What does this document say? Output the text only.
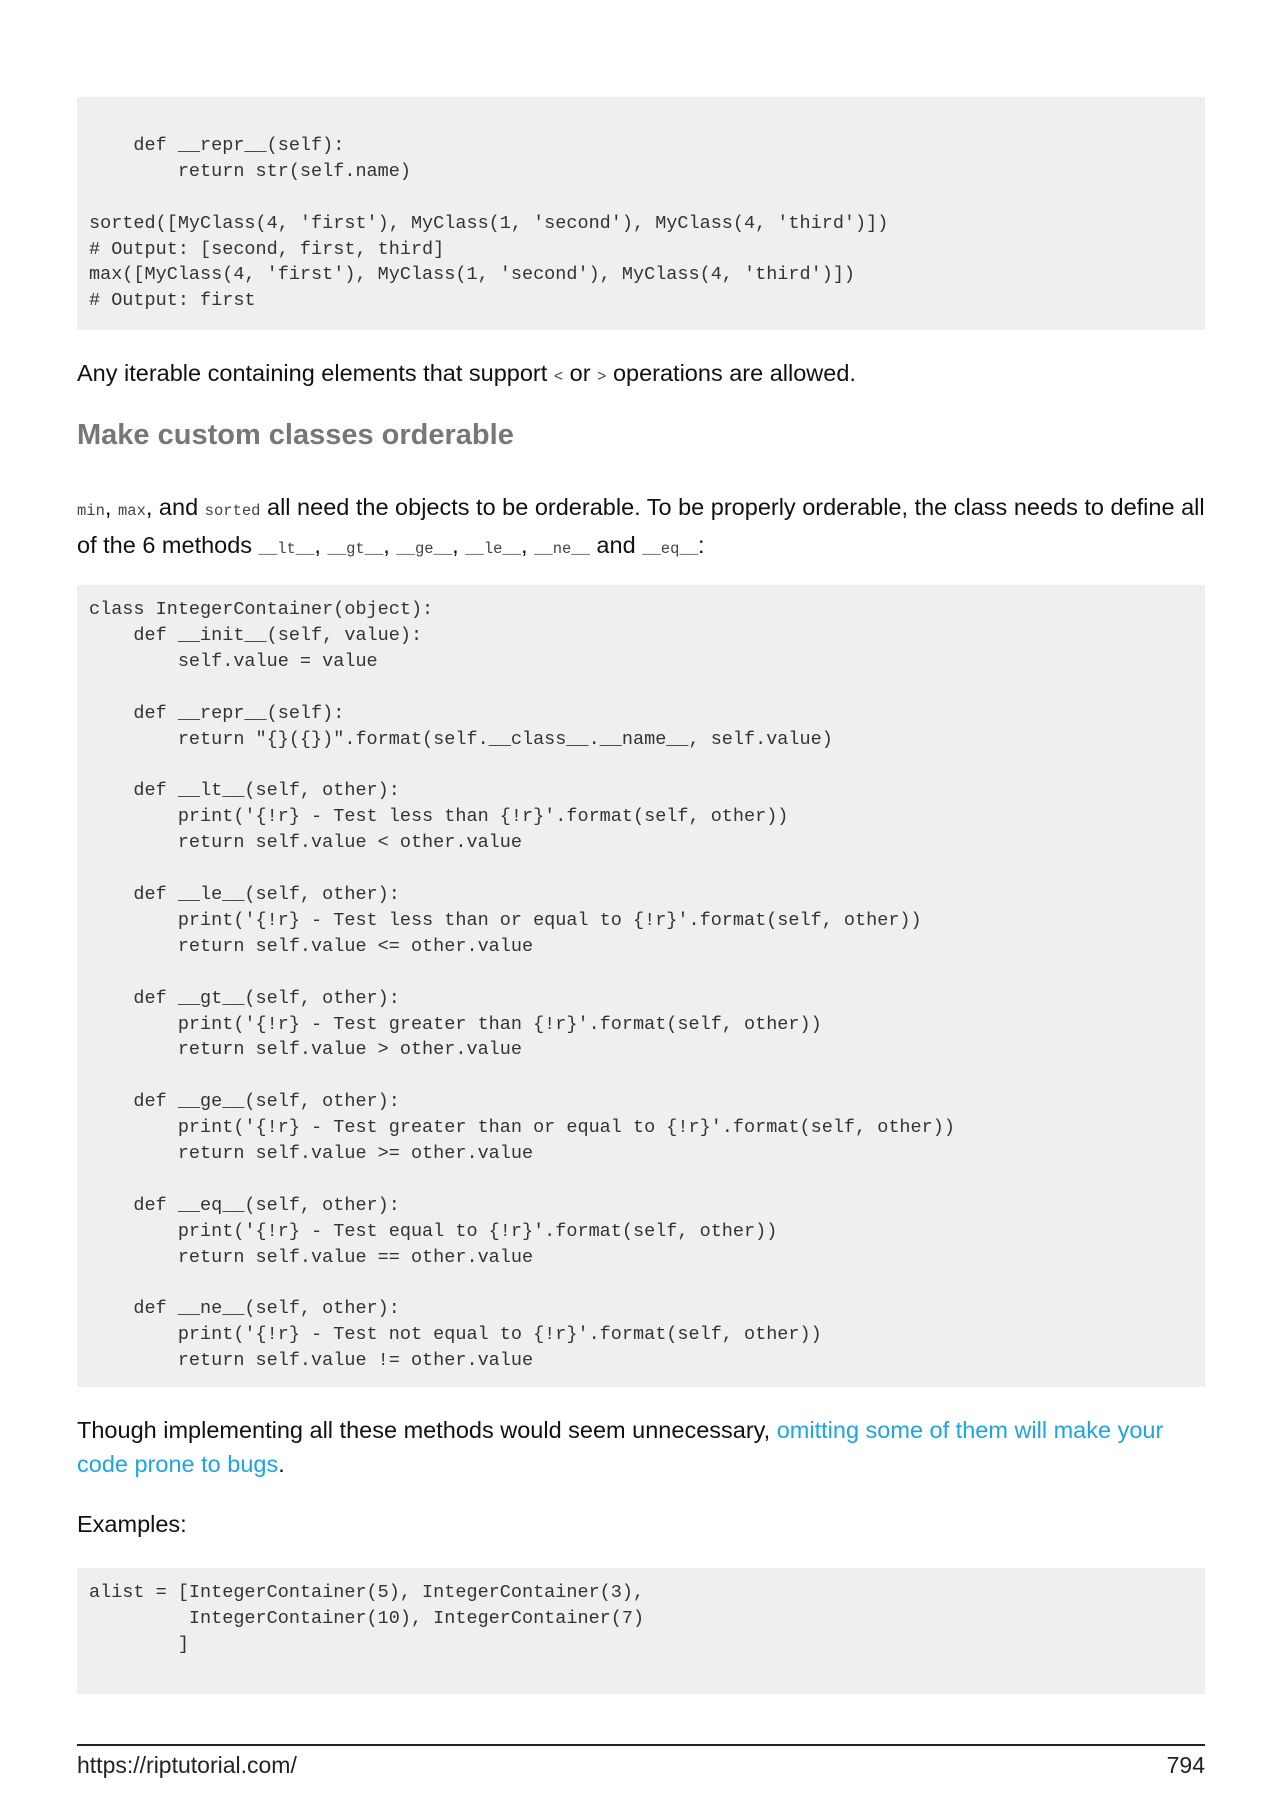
def __repr__(self):
return str(self.name)

sorted([MyClass(4, 'first'), MyClass(1, 'second'), MyClass(4, 'third')])
# Output: [second, first, third]
max([MyClass(4, 'first'), MyClass(1, 'second'), MyClass(4, 'third')])
# Output: first
Any iterable containing elements that support < or > operations are allowed.
Make custom classes orderable
min, max, and sorted all need the objects to be orderable. To be properly orderable, the class needs to define all of the 6 methods __lt__, __gt__, __ge__, __le__, __ne__ and __eq__:
class IntegerContainer(object):
def __init__(self, value):
self.value = value

def __repr__(self):
return "{}({})".format(self.__class__.__name__, self.value)

def __lt__(self, other):
print('{!r} - Test less than {!r}'.format(self, other))
return self.value < other.value

def __le__(self, other):
print('{!r} - Test less than or equal to {!r}'.format(self, other))
return self.value <= other.value

def __gt__(self, other):
print('{!r} - Test greater than {!r}'.format(self, other))
return self.value > other.value

def __ge__(self, other):
print('{!r} - Test greater than or equal to {!r}'.format(self, other))
return self.value >= other.value

def __eq__(self, other):
print('{!r} - Test equal to {!r}'.format(self, other))
return self.value == other.value

def __ne__(self, other):
print('{!r} - Test not equal to {!r}'.format(self, other))
return self.value != other.value
Though implementing all these methods would seem unnecessary, omitting some of them will make your code prone to bugs.
Examples:
alist = [IntegerContainer(5), IntegerContainer(3),
IntegerContainer(10), IntegerContainer(7)
]
https://riptutorial.com/	794
